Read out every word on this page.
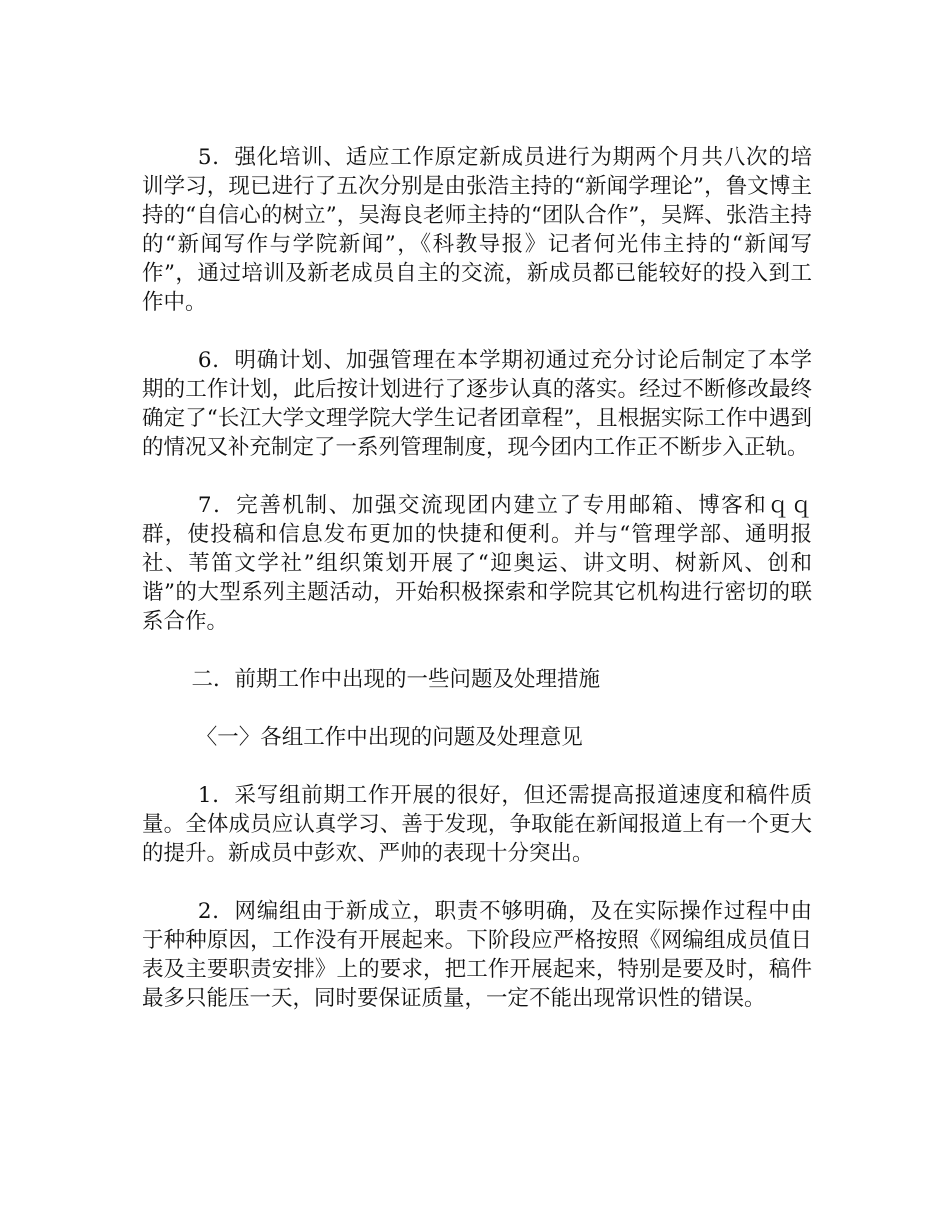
5．强化培训、适应工作原定新成员进行为期两个月共八次的培训学习，现已进行了五次分别是由张浩主持的“新闻学理论”，鲁文博主持的“自信心的树立”，吴海良老师主持的“团队合作”，吴辉、张浩主持的“新闻写作与学院新闻”，《科教导报》记者何光伟主持的“新闻写作”，通过培训及新老成员自主的交流，新成员都已能较好的投入到工作中。

6．明确计划、加强管理在本学期初通过充分讨论后制定了本学期的工作计划，此后按计划进行了逐步认真的落实。经过不断修改最终确定了“长江大学文理学院大学生记者团章程”，且根据实际工作中遇到的情况又补充制定了一系列管理制度，现今团内工作正不断步入正轨。

7．完善机制、加强交流现团内建立了专用邮箱、博客和ｑｑ群，使投稿和信息发布更加的快捷和便利。并与“管理学部、通明报社、苇笛文学社”组织策划开展了“迎奥运、讲文明、树新风、创和谐”的大型系列主题活动，开始积极探索和学院其它机构进行密切的联系合作。

二．前期工作中出现的一些问题及处理措施

〈一〉各组工作中出现的问题及处理意见

1．采写组前期工作开展的很好，但还需提高报道速度和稿件质量。全体成员应认真学习、善于发现，争取能在新闻报道上有一个更大的提升。新成员中彭欢、严帅的表现十分突出。

2．网编组由于新成立，职责不够明确，及在实际操作过程中由于种种原因，工作没有开展起来。下阶段应严格按照《网编组成员值日表及主要职责安排》上的要求，把工作开展起来，特别是要及时，稿件最多只能压一天，同时要保证质量，一定不能出现常识性的错误。
